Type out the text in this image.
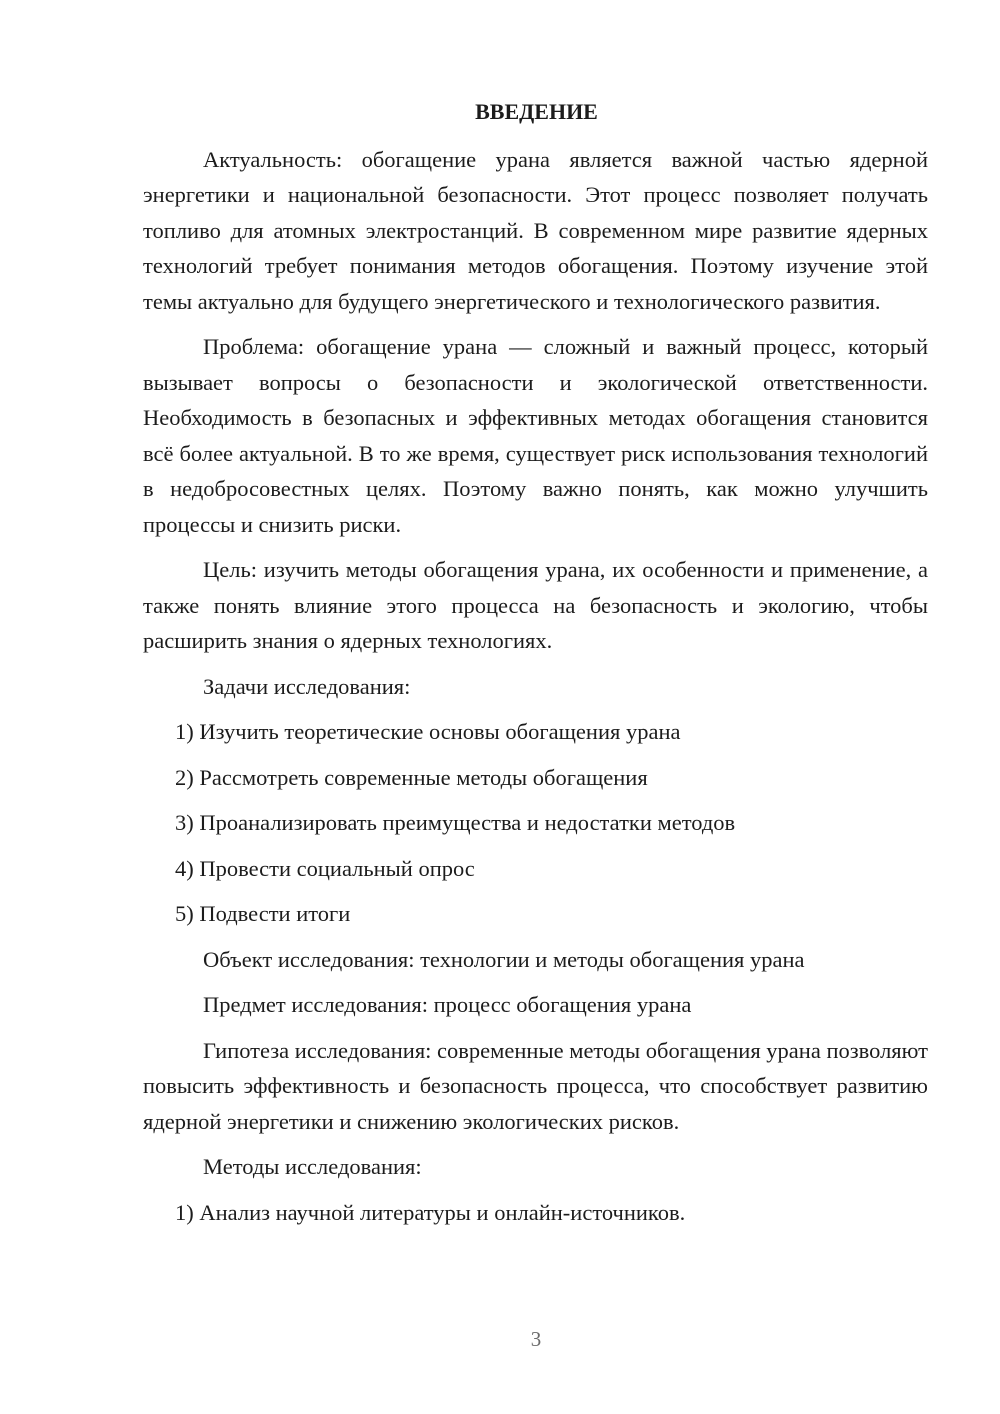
ВВЕДЕНИЕ

Актуальность: обогащение урана является важной частью ядерной энергетики и национальной безопасности. Этот процесс позволяет получать топливо для атомных электростанций. В современном мире развитие ядерных технологий требует понимания методов обогащения. Поэтому изучение этой темы актуально для будущего энергетического и технологического развития.

Проблема: обогащение урана — сложный и важный процесс, который вызывает вопросы о безопасности и экологической ответственности. Необходимость в безопасных и эффективных методах обогащения становится всё более актуальной. В то же время, существует риск использования технологий в недобросовестных целях. Поэтому важно понять, как можно улучшить процессы и снизить риски.

Цель: изучить методы обогащения урана, их особенности и применение, а также понять влияние этого процесса на безопасность и экологию, чтобы расширить знания о ядерных технологиях.

Задачи исследования:
1) Изучить теоретические основы обогащения урана
2) Рассмотреть современные методы обогащения
3) Проанализировать преимущества и недостатки методов
4) Провести социальный опрос
5) Подвести итоги
Объект исследования: технологии и методы обогащения урана
Предмет исследования: процесс обогащения урана

Гипотеза исследования: современные методы обогащения урана позволяют повысить эффективность и безопасность процесса, что способствует развитию ядерной энергетики и снижению экологических рисков.

Методы исследования:
1) Анализ научной литературы и онлайн-источников.
3
